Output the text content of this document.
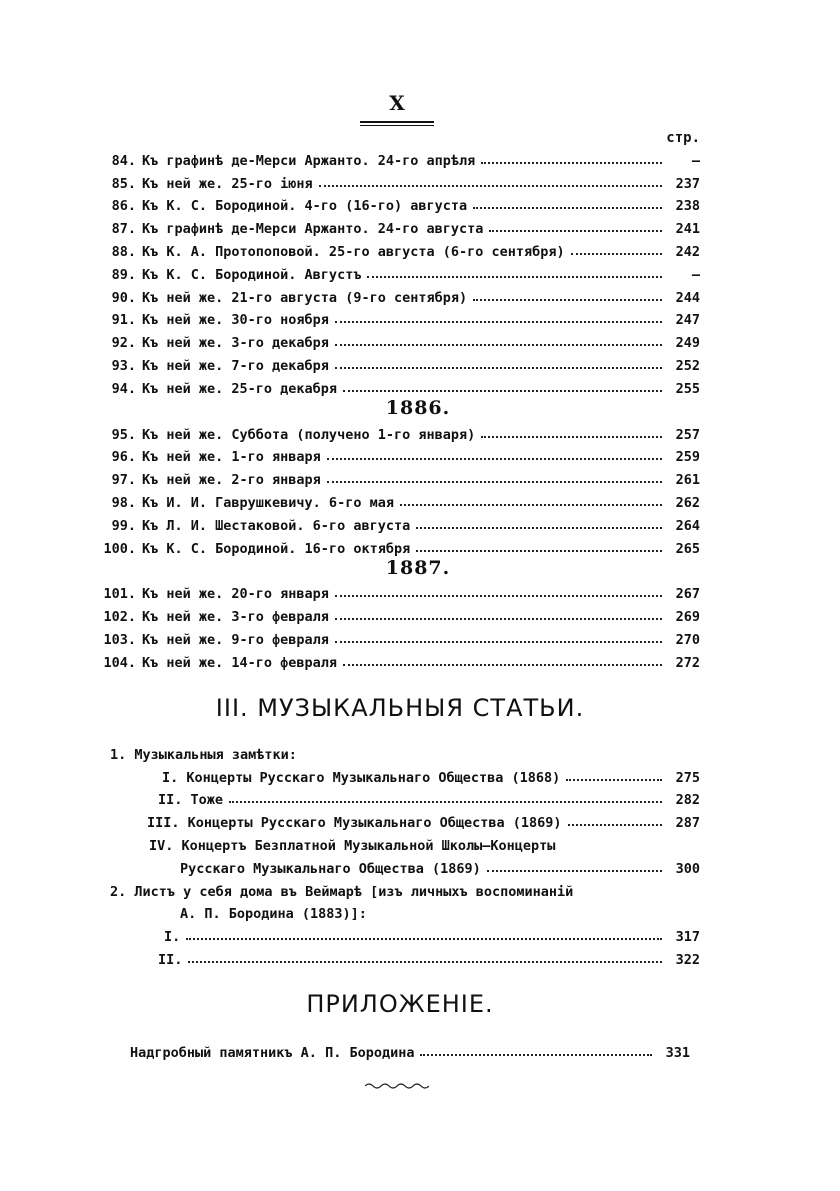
X
стр.
84. Къ графинѣ де-Мерси Аржанто. 24-го апрѣля	—
85. Къ ней же. 25-го іюня	237
86. Къ К. С. Бородиной. 4-го (16-го) августа	238
87. Къ графинѣ де-Мерси Аржанто. 24-го августа	241
88. Къ К. А. Протопоповой. 25-го августа (6-го сентября)	242
89. Къ К. С. Бородиной. Августъ	—
90. Къ ней же. 21-го августа (9-го сентября)	244
91. Къ ней же. 30-го ноября	247
92. Къ ней же. 3-го декабря	249
93. Къ ней же. 7-го декабря	252
94. Къ ней же. 25-го декабря	255
1886.
95. Къ ней же. Суббота (получено 1-го января)	257
96. Къ ней же. 1-го января	259
97. Къ ней же. 2-го января	261
98. Къ И. И. Гаврушкевичу. 6-го мая	262
99. Къ Л. И. Шестаковой. 6-го августа	264
100. Къ К. С. Бородиной. 16-го октября	265
1887.
101. Къ ней же. 20-го января	267
102. Къ ней же. 3-го февраля	269
103. Къ ней же. 9-го февраля	270
104. Къ ней же. 14-го февраля	272
III. МУЗЫКАЛЬНЫЯ СТАТЬИ.
1. Музыкальныя замѣтки:
I. Концерты Русскаго Музыкальнаго Общества (1868)	275
II. Тоже	282
III. Концерты Русскаго Музыкальнаго Общества (1869)	287
IV. Концертъ Безплатной Музыкальной Школы—Концерты
Русскаго Музыкальнаго Общества (1869)	300
2. Листъ у себя дома въ Веймарѣ [изъ личныхъ воспоминаній
А. П. Бородина (1883)]:
I.	317
II.	322
ПРИЛОЖЕНІЕ.
Надгробный памятникъ А. П. Бородина	331
